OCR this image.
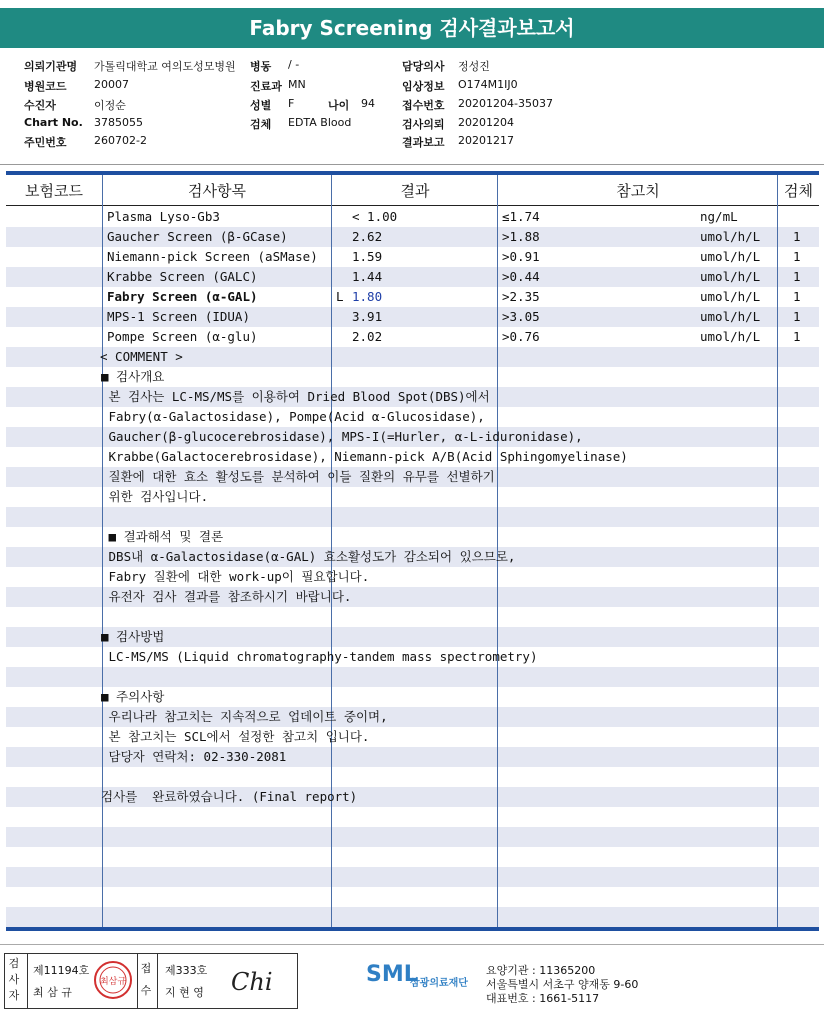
Fabry Screening 검사결과보고서
의뢰기관명 가톨릭대학교 여의도성모병원
병원코드 20007
수진자	이정순
Chart No. 3785055
주민번호 260702-2
병동 / -
진료과 MN
성별 F	나이 94
검체 EDTA Blood
담당의사 정성진
임상정보 O174M1IJ0
접수번호 20201204-35037
검사의뢰 20201204
결과보고 20201217
보험코드	검사항목	결과	참고치	검체
Plasma Lyso-Gb3	< 1.00	≤1.74	ng/mL
Gaucher Screen (β-GCase)	2.62	>1.88	umol/h/L	1
Niemann-pick Screen (aSMase)	1.59	>0.91	umol/h/L	1
Krabbe Screen (GALC)	1.44	>0.44	umol/h/L	1
Fabry Screen (α-GAL)	L 1.80	>2.35	umol/h/L	1
MPS-1 Screen (IDUA)	3.91	>3.05	umol/h/L	1
Pompe Screen (α-glu)	2.02	>0.76	umol/h/L	1
< COMMENT >
■ 검사개요
본 검사는 LC-MS/MS를 이용하여 Dried Blood Spot(DBS)에서
Fabry(α-Galactosidase), Pompe(Acid α-Glucosidase),
Gaucher(β-glucocerebrosidase), MPS-I(=Hurler, α-L-iduronidase),
Krabbe(Galactocerebrosidase), Niemann-pick A/B(Acid Sphingomyelinase)
질환에 대한 효소 활성도를 분석하여 이들 질환의 유무를 선별하기
위한 검사입니다.
■ 결과해석 및 결론
DBS내 α-Galactosidase(α-GAL) 효소활성도가 감소되어 있으므로,
Fabry 질환에 대한 work-up이 필요합니다.
유전자 검사 결과를 참조하시기 바랍니다.
■ 검사방법
LC-MS/MS (Liquid chromatography-tandem mass spectrometry)
■ 주의사항
우리나라 참고치는 지속적으로 업데이트 중이며,
본 참고치는 SCL에서 설정한 참고치 입니다.
담당자 연락처: 02-330-2081
검사를  완료하였습니다. (Final report)
검사자
제11194호
최 삼 규
최삼규
접수
제333호
지 현 영 Chi	SML
삼광의료재단
요양기관 : 11365200
서울특별시 서초구 양재동 9-60
대표번호 : 1661-5117
